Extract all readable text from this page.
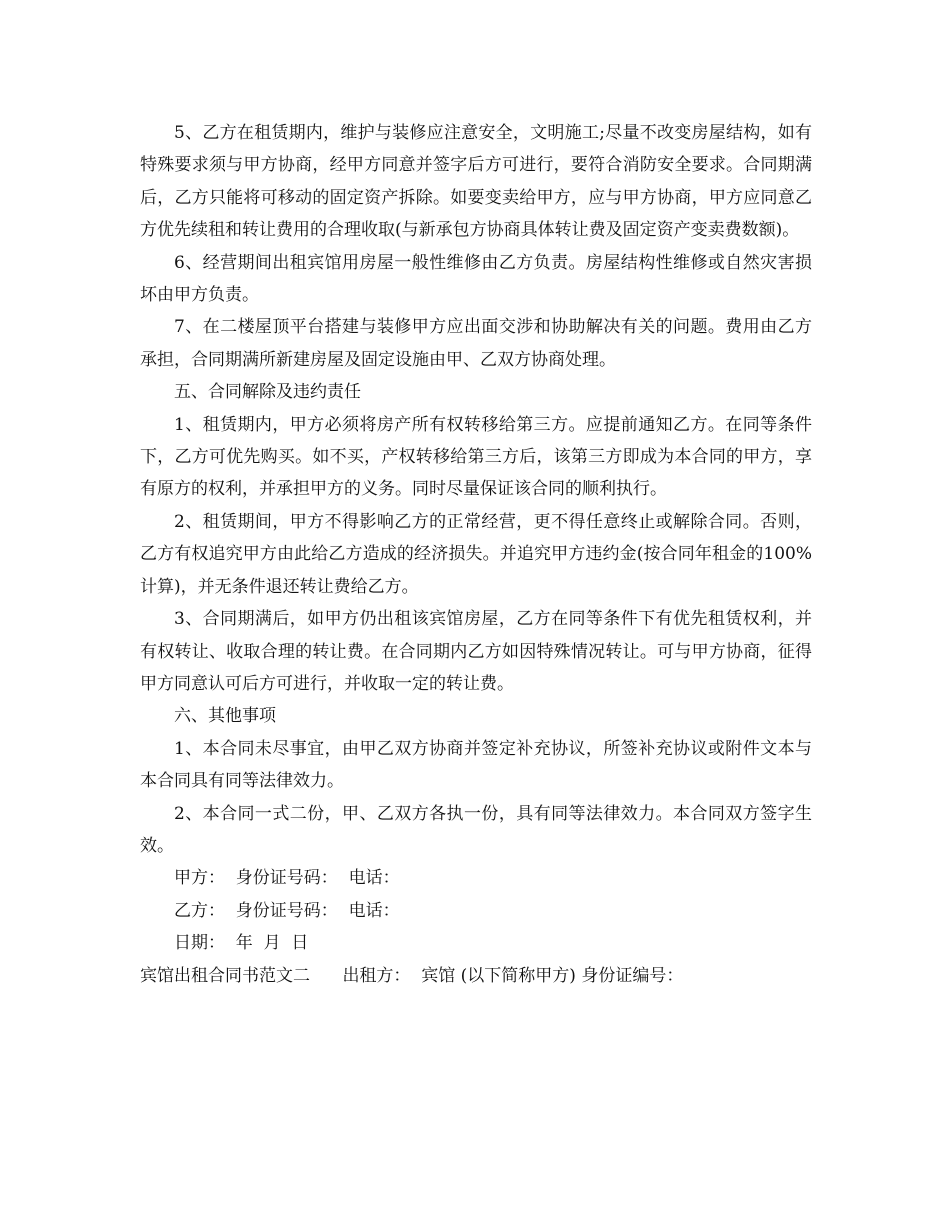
5、乙方在租赁期内，维护与装修应注意安全，文明施工;尽量不改变房屋结构，如有特殊要求须与甲方协商，经甲方同意并签字后方可进行，要符合消防安全要求。合同期满后，乙方只能将可移动的固定资产拆除。如要变卖给甲方，应与甲方协商，甲方应同意乙方优先续租和转让费用的合理收取(与新承包方协商具体转让费及固定资产变卖费数额)。

6、经营期间出租宾馆用房屋一般性维修由乙方负责。房屋结构性维修或自然灾害损坏由甲方负责。

7、在二楼屋顶平台搭建与装修甲方应出面交涉和协助解决有关的问题。费用由乙方承担，合同期满所新建房屋及固定设施由甲、乙双方协商处理。

五、合同解除及违约责任

1、租赁期内，甲方必须将房产所有权转移给第三方。应提前通知乙方。在同等条件下，乙方可优先购买。如不买，产权转移给第三方后，该第三方即成为本合同的甲方，享有原方的权利，并承担甲方的义务。同时尽量保证该合同的顺利执行。

2、租赁期间，甲方不得影响乙方的正常经营，更不得任意终止或解除合同。否则，乙方有权追究甲方由此给乙方造成的经济损失。并追究甲方违约金(按合同年租金的100%计算)，并无条件退还转让费给乙方。

3、合同期满后，如甲方仍出租该宾馆房屋，乙方在同等条件下有优先租赁权利，并有权转让、收取合理的转让费。在合同期内乙方如因特殊情况转让。可与甲方协商，征得甲方同意认可后方可进行，并收取一定的转让费。

六、其他事项

1、本合同未尽事宜，由甲乙双方协商并签定补充协议，所签补充协议或附件文本与本合同具有同等法律效力。

2、本合同一式二份，甲、乙双方各执一份，具有同等法律效力。本合同双方签字生效。

甲方：  身份证号码：  电话：

乙方：  身份证号码：  电话：

日期：  年  月  日

宾馆出租合同书范文二 出租方：  宾馆 (以下简称甲方) 身份证编号：
